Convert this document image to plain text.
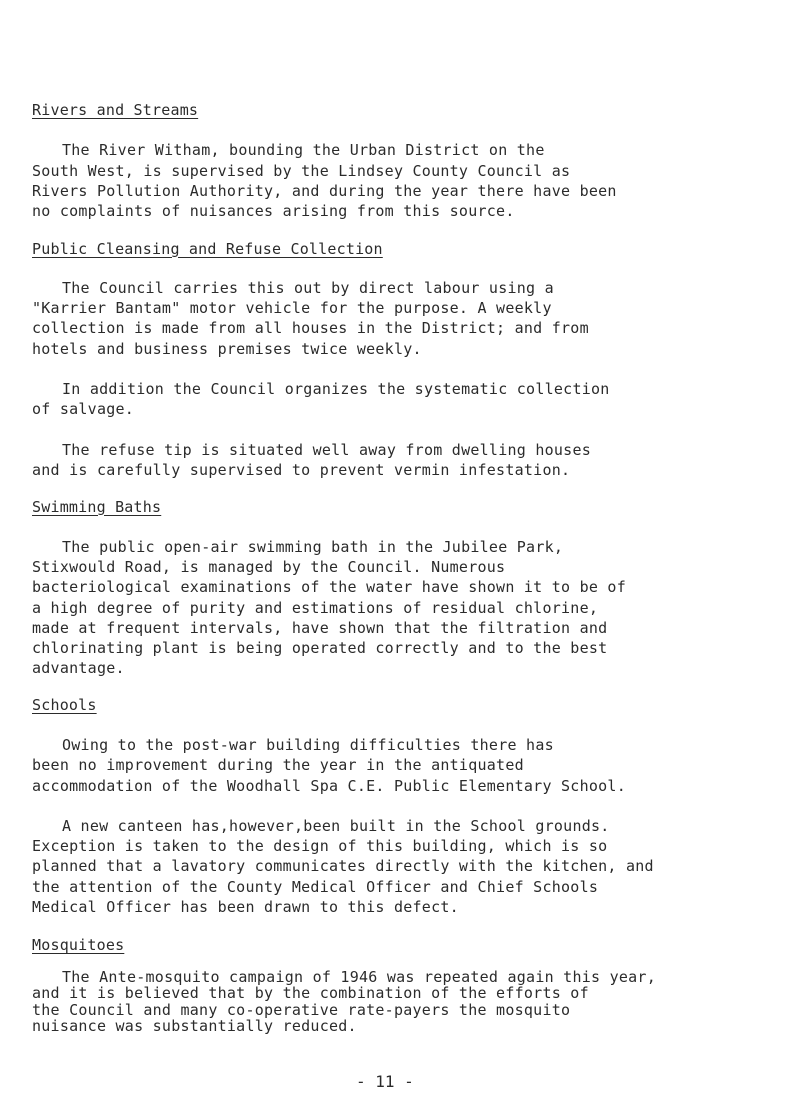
Rivers and Streams
The River Witham, bounding the Urban District on the
South West, is supervised by the Lindsey County Council as
Rivers Pollution Authority, and during the year there have been
no complaints of nuisances arising from this source.
Public Cleansing and Refuse Collection
The Council carries this out by direct labour using a
"Karrier Bantam" motor vehicle for the purpose. A weekly
collection is made from all houses in the District; and from
hotels and business premises twice weekly.
In addition the Council organizes the systematic collection
of salvage.
The refuse tip is situated well away from dwelling houses
and is carefully supervised to prevent vermin infestation.
Swimming Baths
The public open-air swimming bath in the Jubilee Park,
Stixwould Road, is managed by the Council. Numerous
bacteriological examinations of the water have shown it to be of
a high degree of purity and estimations of residual chlorine,
made at frequent intervals, have shown that the filtration and
chlorinating plant is being operated correctly and to the best
advantage.
Schools
Owing to the post-war building difficulties there has
been no improvement during the year in the antiquated
accommodation of the Woodhall Spa C.E. Public Elementary School.
A new canteen has,however,been built in the School grounds.
Exception is taken to the design of this building, which is so
planned that a lavatory communicates directly with the kitchen, and
the attention of the County Medical Officer and Chief Schools
Medical Officer has been drawn to this defect.
Mosquitoes
The Ante-mosquito campaign of 1946 was repeated again this year,
and it is believed that by the combination of the efforts of
the Council and many co-operative rate-payers the mosquito
nuisance was substantially reduced.
- 11 -
